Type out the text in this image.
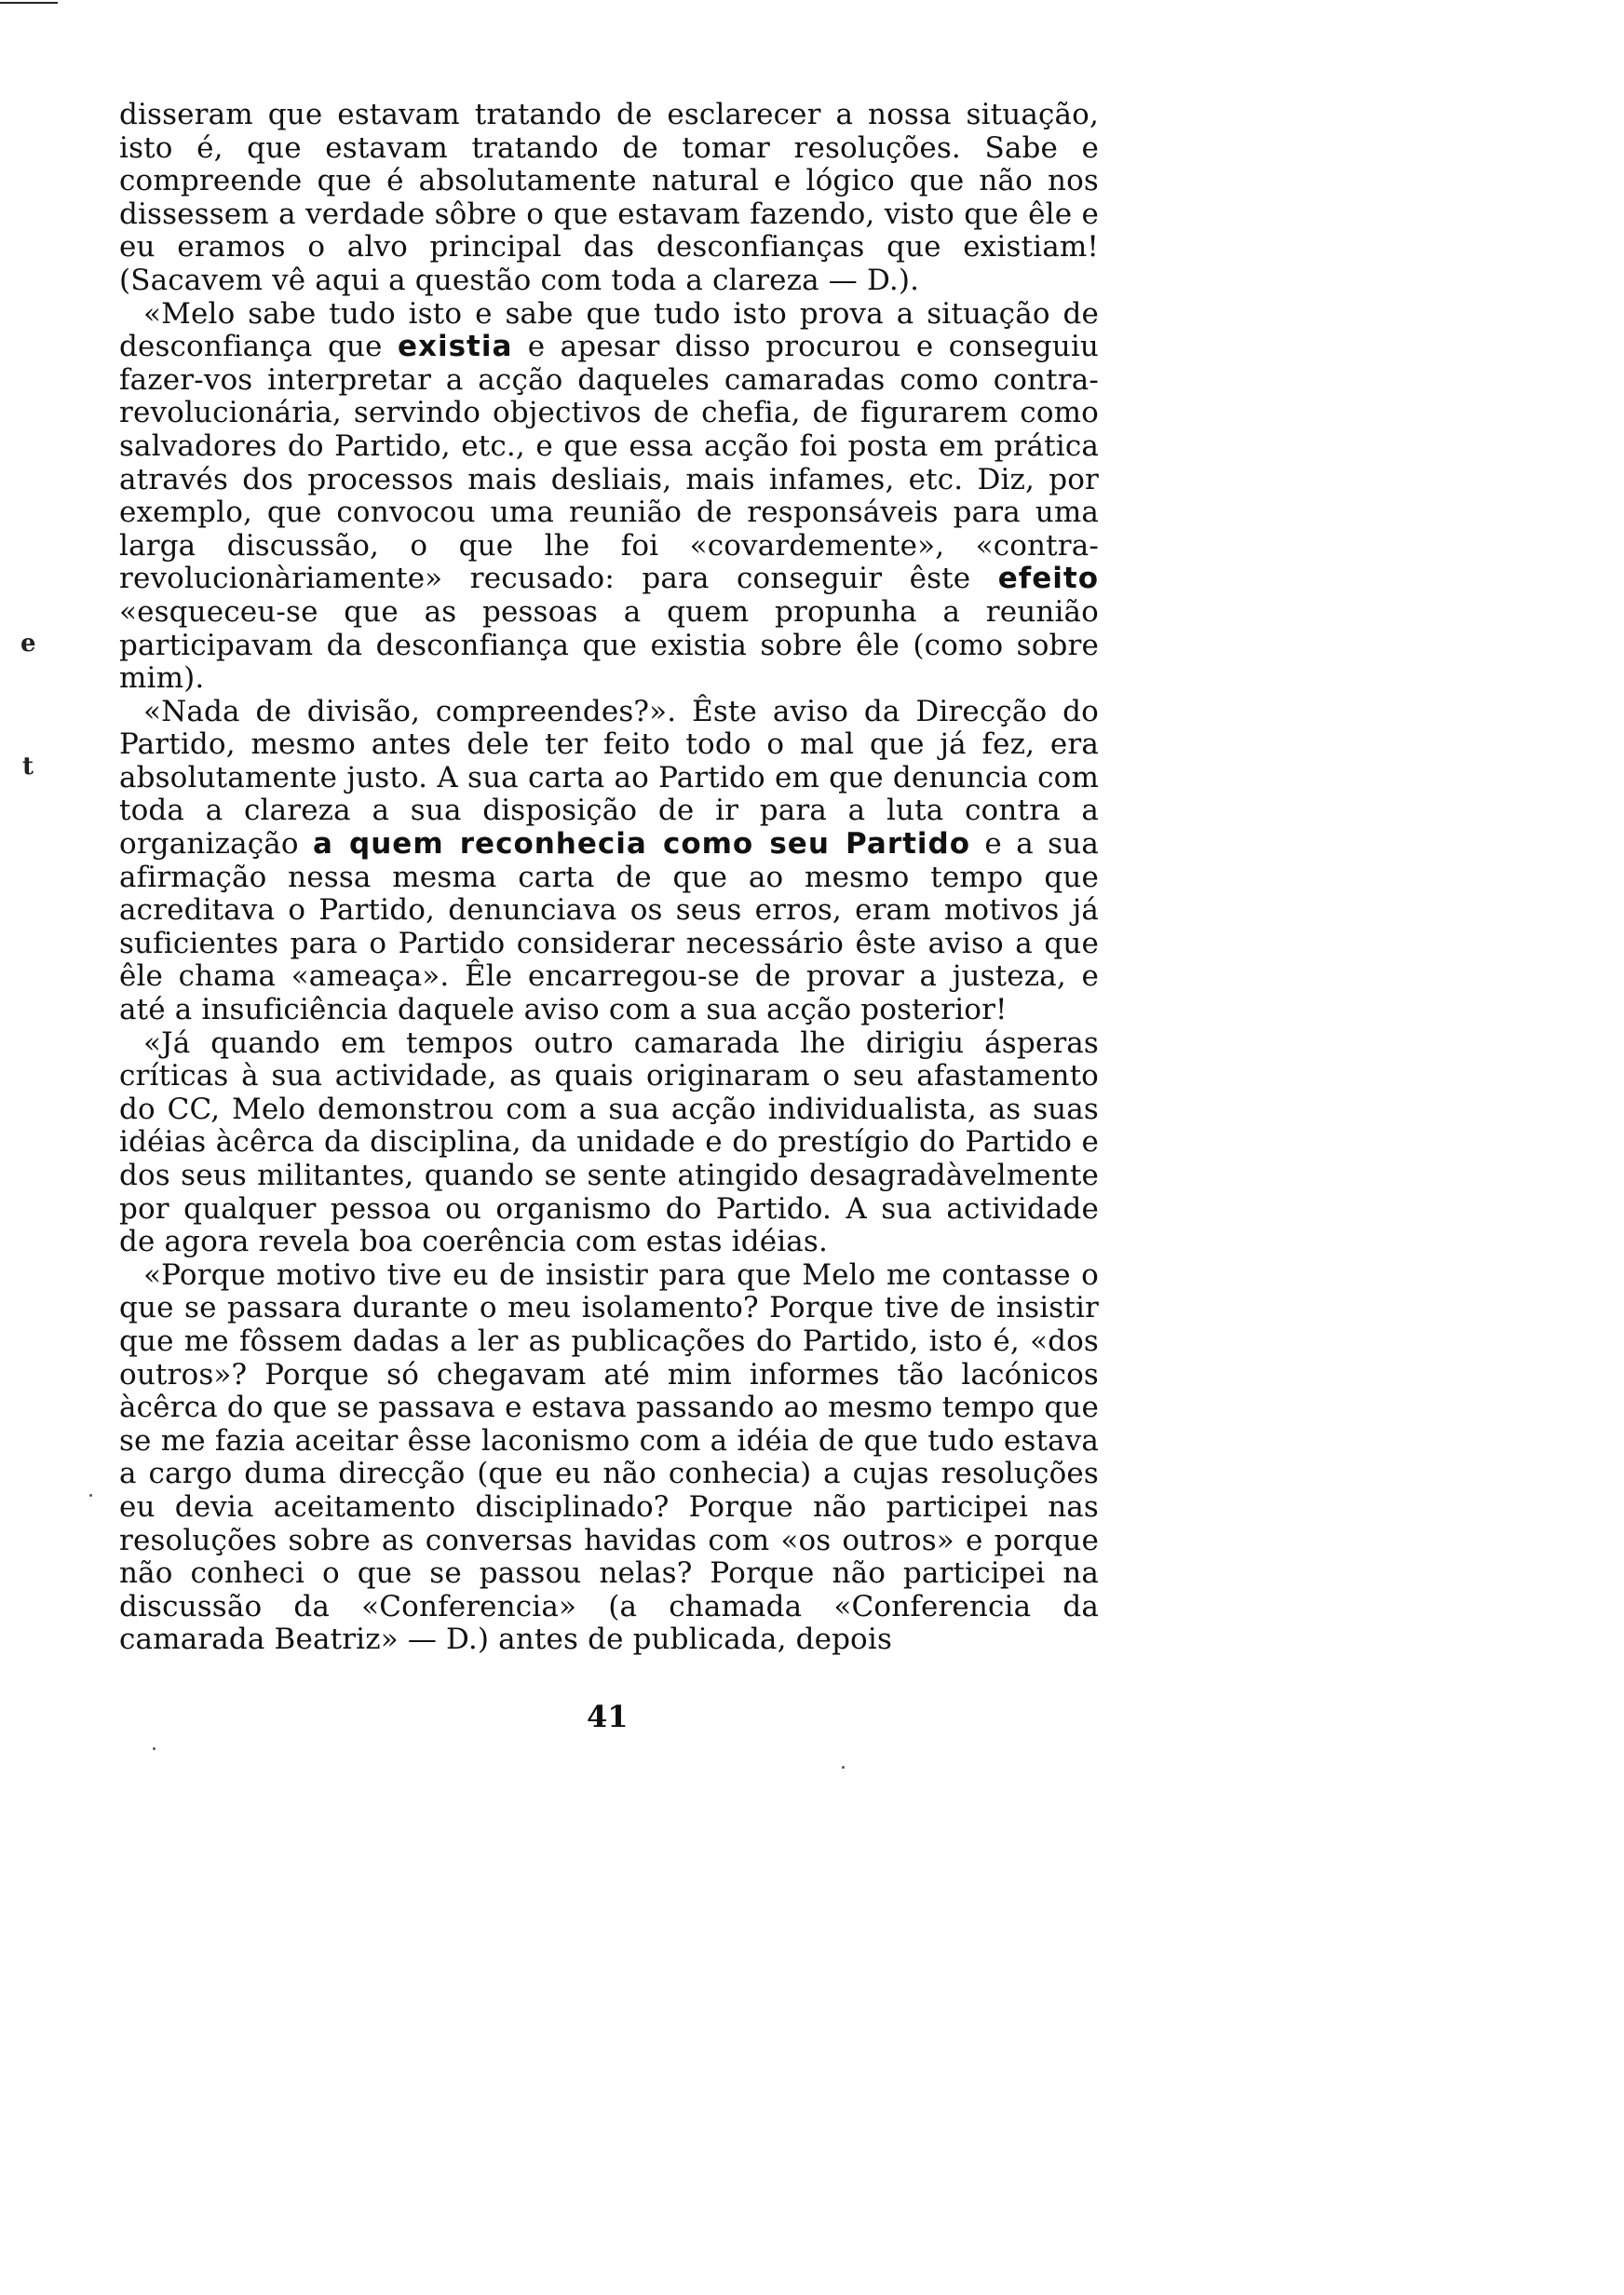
disseram que estavam tratando de esclarecer a nossa situação, isto é, que estavam tratando de tomar resoluções. Sabe e compreende que é absolutamente natural e lógico que não nos dissessem a verdade sôbre o que estavam fazendo, visto que êle e eu eramos o alvo principal das desconfianças que existiam! (Sacavem vê aqui a questão com toda a clareza — D.).

«Melo sabe tudo isto e sabe que tudo isto prova a situação de desconfiança que existia e apesar disso procurou e conseguiu fazer-vos interpretar a acção daqueles camaradas como contra-revolucionária, servindo objectivos de chefia, de figurarem como salvadores do Partido, etc., e que essa acção foi posta em prática através dos processos mais desliais, mais infames, etc. Diz, por exemplo, que convocou uma reunião de responsáveis para uma larga discussão, o que lhe foi «covardemente», «contra-revolucionàriamente» recusado: para conseguir êste efeito «esqueceu-se que as pessoas a quem propunha a reunião participavam da desconfiança que existia sobre êle (como sobre mim).

«Nada de divisão, compreendes?». Êste aviso da Direcção do Partido, mesmo antes dele ter feito todo o mal que já fez, era absolutamente justo. A sua carta ao Partido em que denuncia com toda a clareza a sua disposição de ir para a luta contra a organização a quem reconhecia como seu Partido e a sua afirmação nessa mesma carta de que ao mesmo tempo que acreditava o Partido, denunciava os seus erros, eram motivos já suficientes para o Partido considerar necessário êste aviso a que êle chama «ameaça». Êle encarregou-se de provar a justeza, e até a insuficiência daquele aviso com a sua acção posterior!

«Já quando em tempos outro camarada lhe dirigiu ásperas críticas à sua actividade, as quais originaram o seu afastamento do CC, Melo demonstrou com a sua acção individualista, as suas idéias àcêrca da disciplina, da unidade e do prestígio do Partido e dos seus militantes, quando se sente atingido desagradàvelmente por qualquer pessoa ou organismo do Partido. A sua actividade de agora revela boa coerência com estas idéias.

«Porque motivo tive eu de insistir para que Melo me contasse o que se passara durante o meu isolamento? Porque tive de insistir que me fôssem dadas a ler as publicações do Partido, isto é, «dos outros»? Porque só chegavam até mim informes tão lacónicos àcêrca do que se passava e estava passando ao mesmo tempo que se me fazia aceitar êsse laconismo com a idéia de que tudo estava a cargo duma direcção (que eu não conhecia) a cujas resoluções eu devia aceitamento disciplinado? Porque não participei nas resoluções sobre as conversas havidas com «os outros» e porque não conheci o que se passou nelas? Porque não participei na discussão da «Conferencia» (a chamada «Conferencia da camarada Beatriz» — D.) antes de publicada, depois

41
e
t
